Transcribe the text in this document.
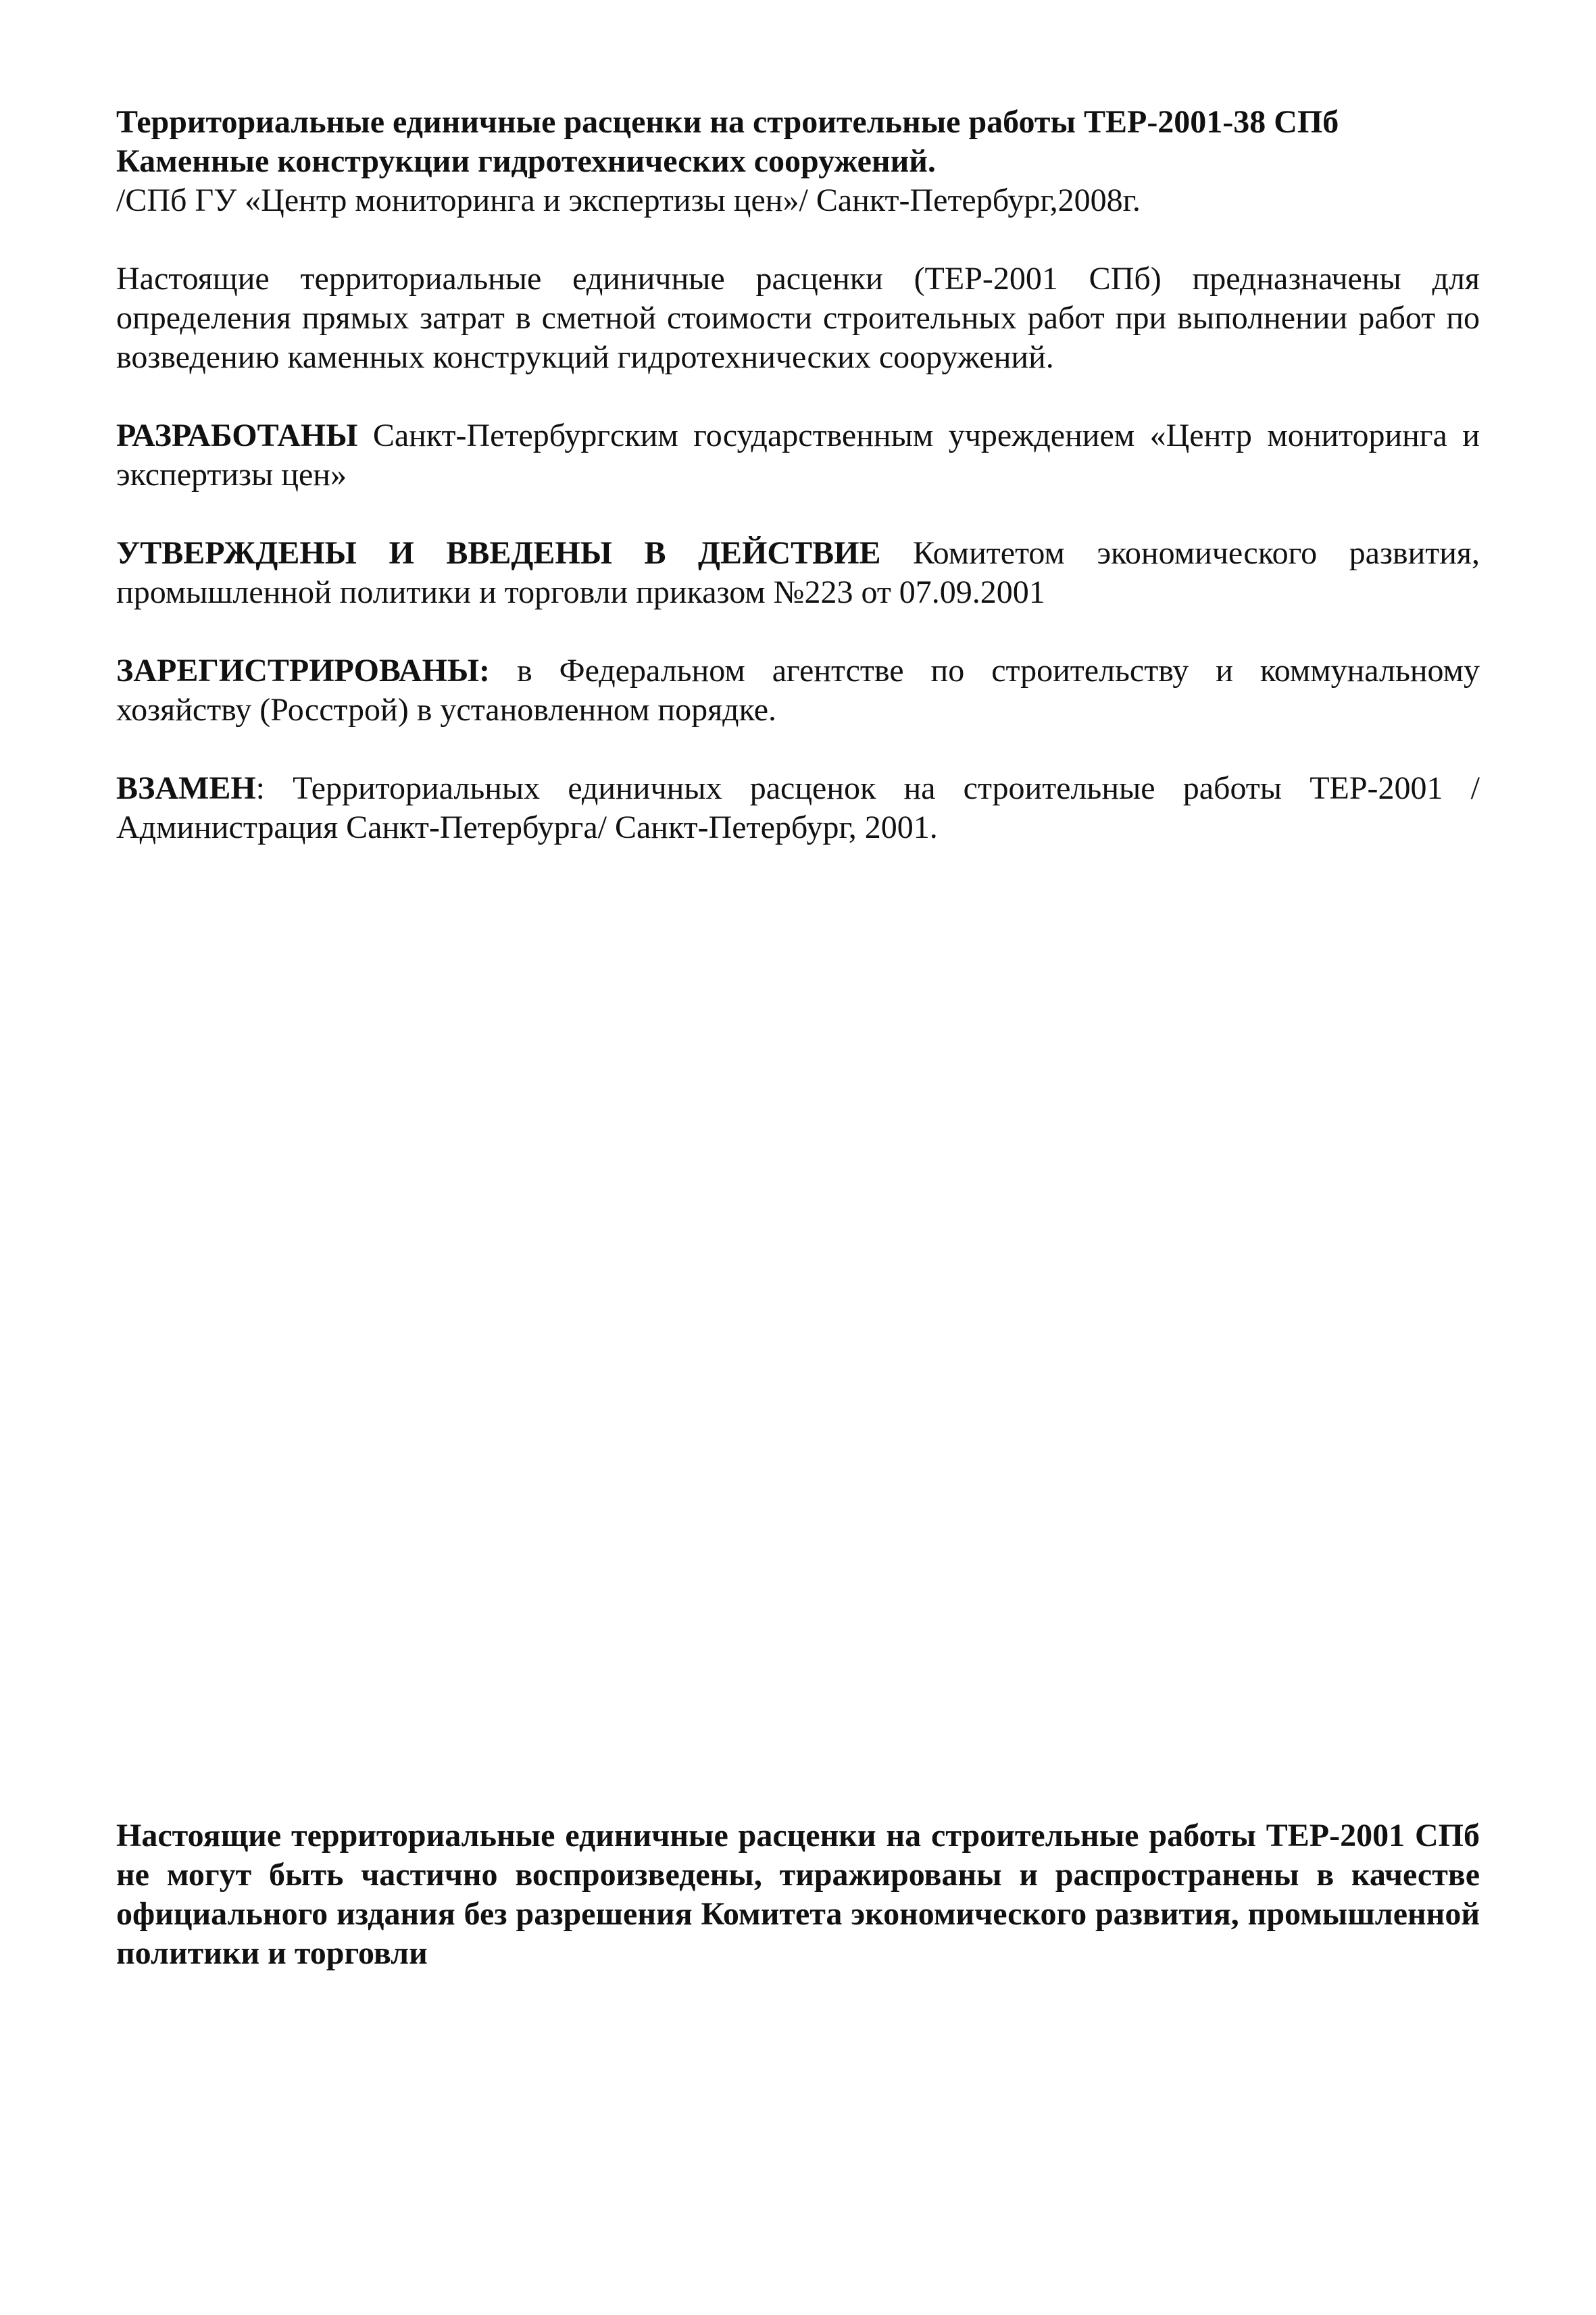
Территориальные единичные расценки на строительные работы ТЕР-2001-38 СПб
Каменные конструкции гидротехнических сооружений.
/СПб ГУ «Центр мониторинга и экспертизы цен»/ Санкт-Петербург,2008г.
Настоящие территориальные единичные расценки (ТЕР-2001 СПб) предназначены для определения прямых затрат в сметной стоимости строительных работ при выполнении работ по возведению каменных конструкций гидротехнических сооружений.
РАЗРАБОТАНЫ Санкт-Петербургским государственным учреждением «Центр мониторинга и экспертизы цен»
УТВЕРЖДЕНЫ И ВВЕДЕНЫ В ДЕЙСТВИЕ Комитетом экономического развития, промышленной политики и торговли приказом №223 от 07.09.2001
ЗАРЕГИСТРИРОВАНЫ: в Федеральном агентстве по строительству и коммунальному хозяйству (Росстрой) в установленном порядке.
ВЗАМЕН: Территориальных единичных расценок на строительные работы ТЕР-2001 /Администрация Санкт-Петербурга/ Санкт-Петербург, 2001.
Настоящие территориальные единичные расценки на строительные работы ТЕР-2001 СПб не могут быть частично воспроизведены, тиражированы и распространены в качестве официального издания без разрешения Комитета экономического развития, промышленной политики и торговли
